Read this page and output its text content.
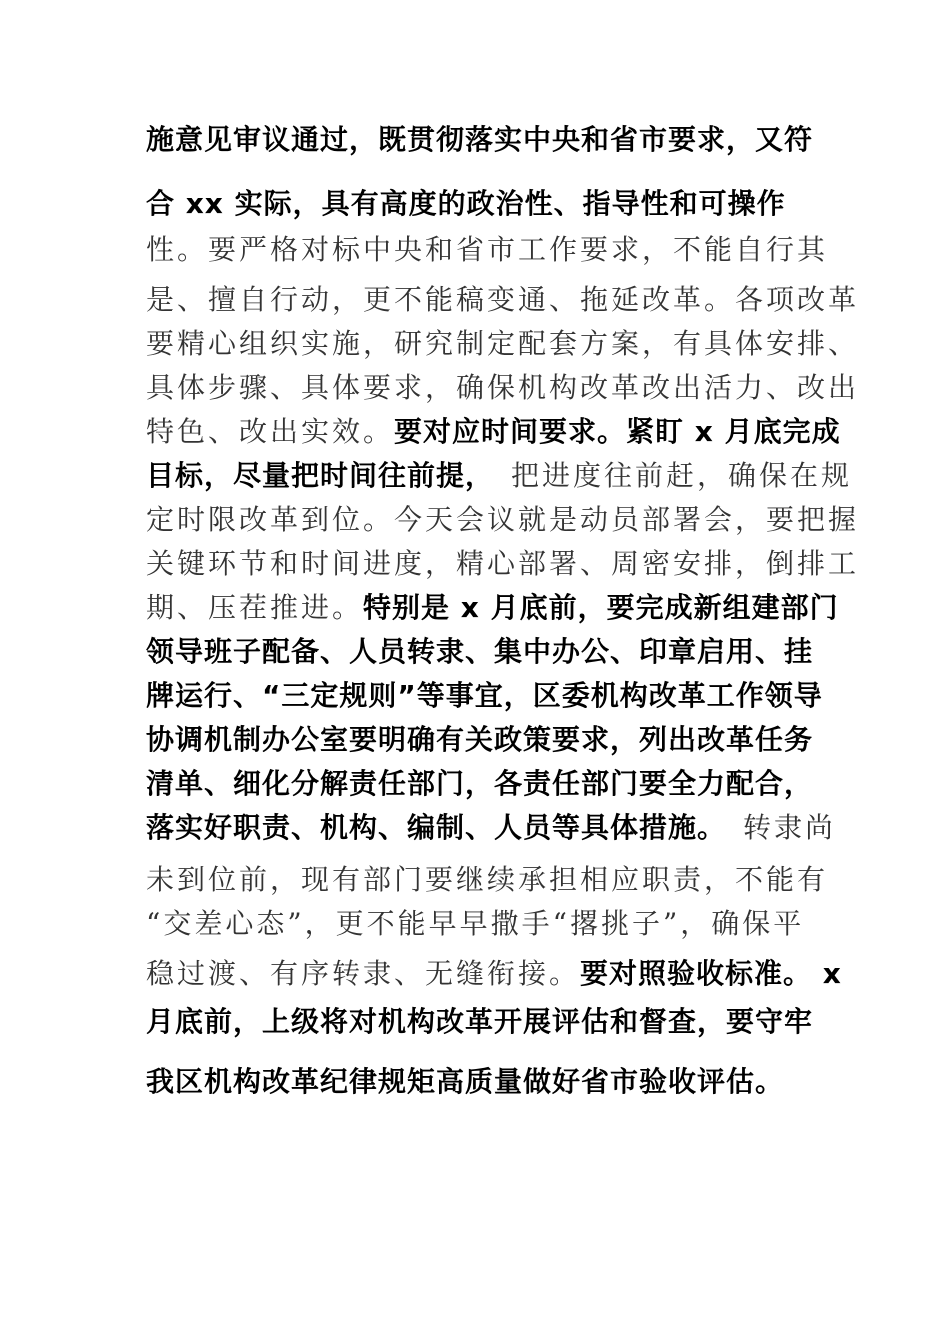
施意见审议通过，既贯彻落实中央和省市要求，又符
合 xx 实际，具有高度的政治性、指导性和可操作
性。要严格对标中央和省市工作要求，不能自行其
是、擅自行动，更不能稿变通、拖延改革。各项改革
要精心组织实施，研究制定配套方案，有具体安排、
具体步骤、具体要求，确保机构改革改出活力、改出
特色、改出实效。要对应时间要求。紧盯 x 月底完成
目标，尽量把时间往前提，　把进度往前赶，确保在规
定时限改革到位。今天会议就是动员部署会，要把握
关键环节和时间进度，精心部署、周密安排，倒排工
期、压茬推进。特别是 x 月底前，要完成新组建部门
领导班子配备、人员转隶、集中办公、印章启用、挂
牌运行、“三定规则”等事宜，区委机构改革工作领导
协调机制办公室要明确有关政策要求，列出改革任务
清单、细化分解责任部门，各责任部门要全力配合，
落实好职责、机构、编制、人员等具体措施。　转隶尚
未到位前，现有部门要继续承担相应职责，不能有
“交差心态”，更不能早早撒手“撂挑子”，确保平
稳过渡、有序转隶、无缝衔接。要对照验收标准。 x
月底前，上级将对机构改革开展评估和督查，要守牢
我区机构改革纪律规矩高质量做好省市验收评估。
